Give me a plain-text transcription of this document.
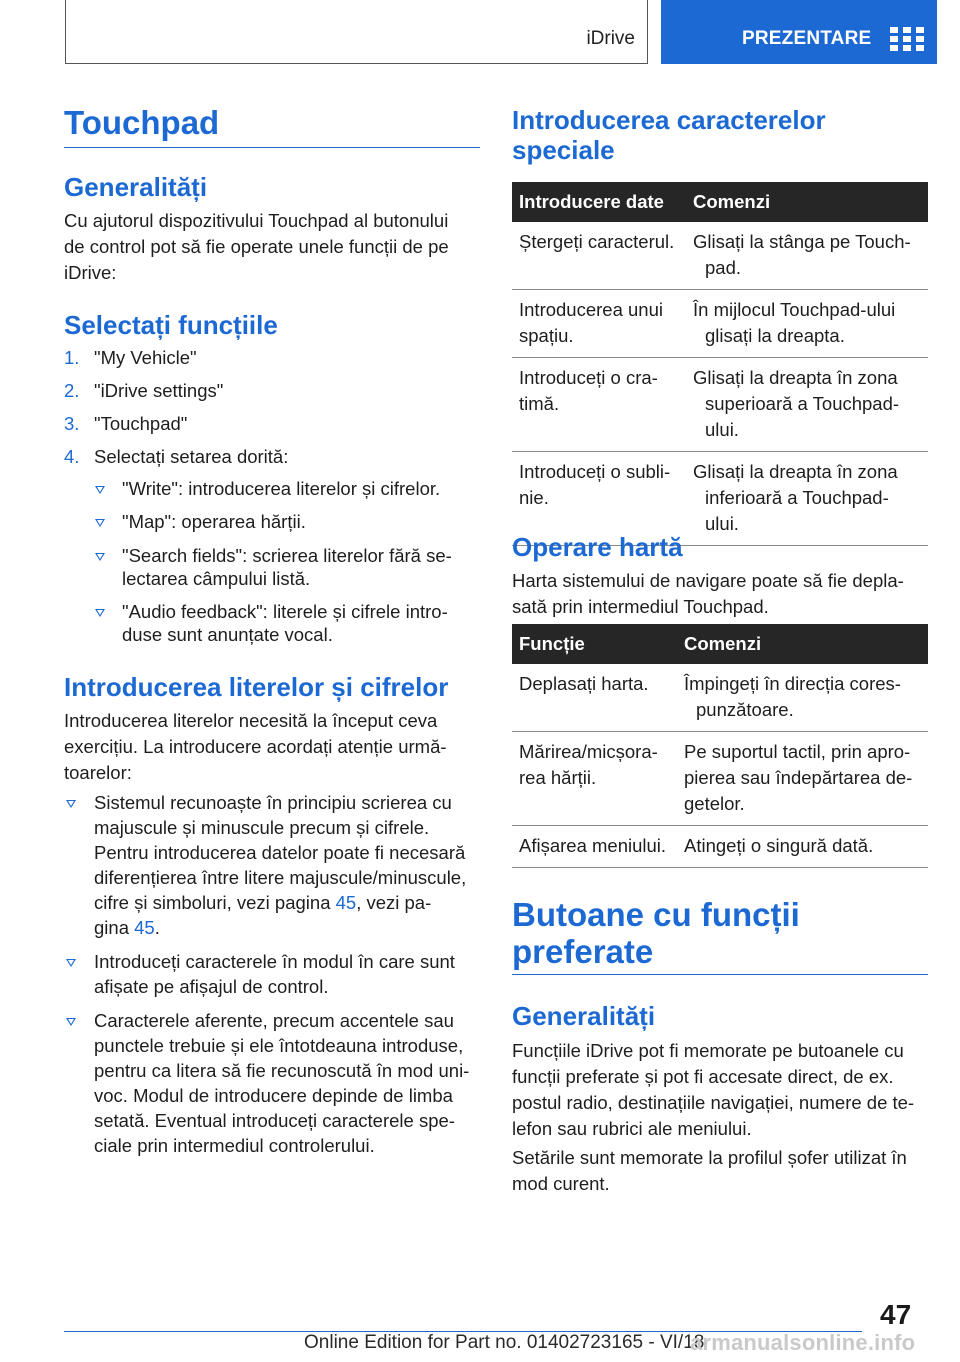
iDrive	PREZENTARE
Touchpad
Generalități

Cu ajutorul dispozitivului Touchpad al butonului

de control pot să fie operate unele funcții de pe

iDrive:

Selectați funcțiile
1. "My Vehicle"
2. "iDrive settings"
3. "Touchpad"
4. Selectați setarea dorită:
"Write": introducerea literelor și cifrelor.
"Map": operarea hărții.
"Search fields": scrierea literelor fără se-
lectarea câmpului listă.
"Audio feedback": literele și cifrele intro-
duse sunt anunțate vocal.
Introducerea literelor și cifrelor

Introducerea literelor necesită la început ceva

exercițiu. La introducere acordați atenție urmă-

toarelor:

Sistemul recunoaște în principiu scrierea cu

majuscule și minuscule precum și cifrele.

Pentru introducerea datelor poate fi necesară

diferențierea între litere majuscule/minuscule,

cifre și simboluri, vezi pagina 45, vezi pa-

gina 45.

Introduceți caracterele în modul în care sunt

afișate pe afișajul de control.

Caracterele aferente, precum accentele sau

punctele trebuie și ele întotdeauna introduse,

pentru ca litera să fie recunoscută în mod uni-

voc. Modul de introducere depinde de limba

setată. Eventual introduceți caracterele spe-

ciale prin intermediul controlerului.

Introducerea caracterelor
speciale
Introducere date	Comenzi
Ștergeți caracterul.	Glisați la stânga pe Touch-
pad.

Introducerea unui
spațiu.	În mijlocul Touchpad-ului
glisați la dreapta.

Introduceți o cra-
timă.	Glisați la dreapta în zona
superioară a Touchpad-
ului.

Introduceți o subli-
nie.	Glisați la dreapta în zona
inferioară a Touchpad-ului.
Operare hartă

Harta sistemului de navigare poate să fie depla-

sată prin intermediul Touchpad.

Funcție	Comenzi
Deplasați harta.	Împingeți în direcția cores-
punzătoare.

Mărirea/micșora-
rea hărții.	Pe suportul tactil, prin apro-
pierea sau îndepărtarea de-
getelor.

Afișarea meniului.	Atingeți o singură dată.
Butoane cu funcții
preferate
Generalități

Funcțiile iDrive pot fi memorate pe butoanele cu

funcții preferate și pot fi accesate direct, de ex.

postul radio, destinațiile navigației, numere de te-

lefon sau rubrici ale meniului.

Setările sunt memorate la profilul șofer utilizat în

mod curent.

47
Online Edition for Part no. 01402723165 - VI/18
armanualsonline.info
